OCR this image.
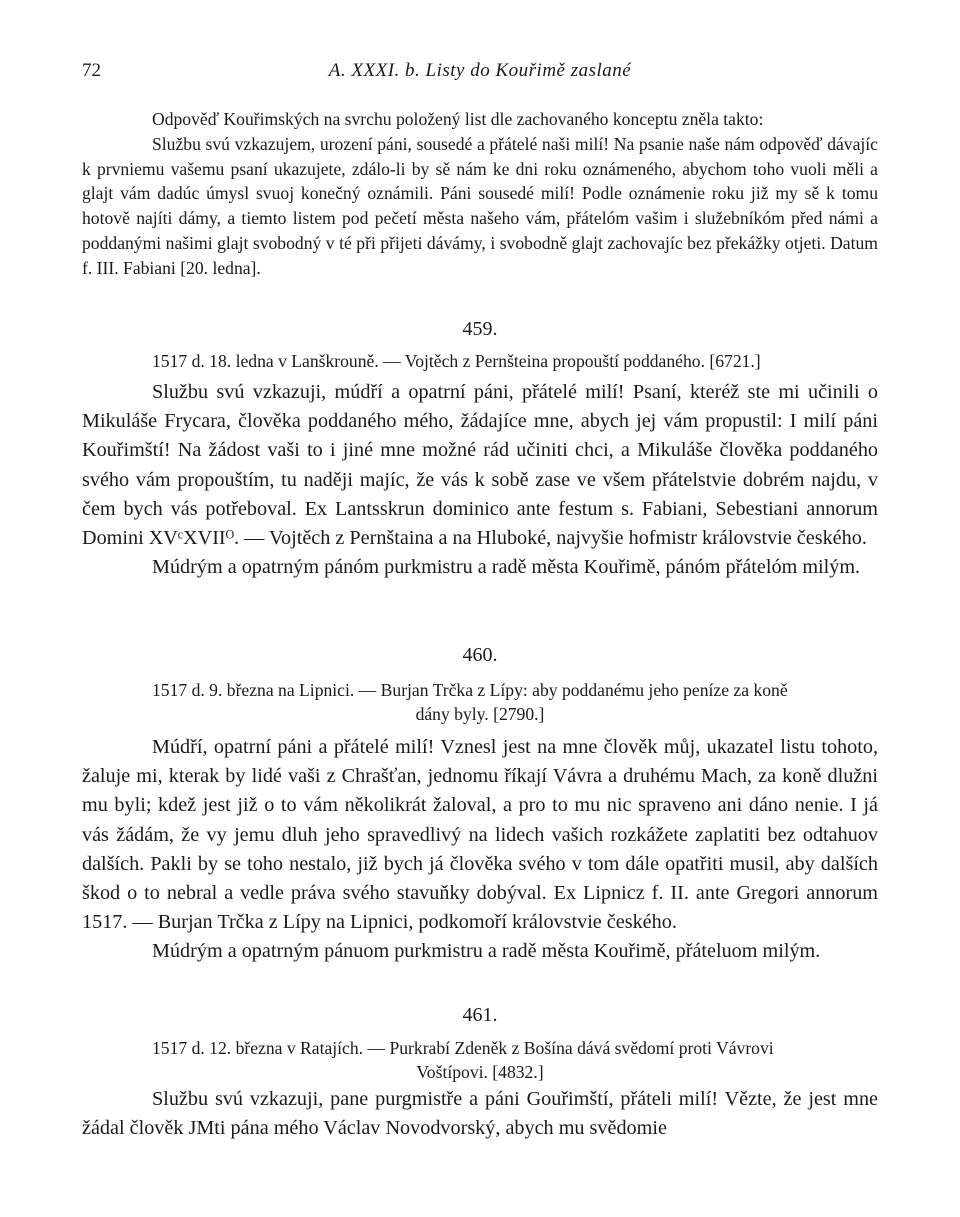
72	A. XXXI. b. Listy do Kouřimě zaslané

Odpověď Kouřimských na svrchu položený list dle zachovaného konceptu zněla takto:

Službu svú vzkazujem, urození páni, sousedé a přátelé naši milí! Na psanie naše nám odpověď dávajíc k prvniemu vašemu psaní ukazujete, zdálo-li by sě nám ke dni roku oznámeného, abychom toho vuoli měli a glajt vám dadúc úmysl svuoj konečný oznámili. Páni sousedé milí! Podle oznámenie roku již my sě k tomu hotově najíti dámy, a tiemto listem pod pečetí města našeho vám, přátelóm vašim i služebníkóm před námi a poddanými našimi glajt svobodný v té při přijeti dávámy, i svobodně glajt zachovajíc bez překážky otjeti. Datum f. III. Fabiani [20. ledna].

459.

1517 d. 18. ledna v Lanškrouně. — Vojtěch z Pernšteina propouští poddaného. [6721.]

Službu svú vzkazuji, múdří a opatrní páni, přátelé milí! Psaní, kteréž ste mi učinili o Mikuláše Frycara, člověka poddaného mého, žádajíce mne, abych jej vám propustil: I milí páni Kouřimští! Na žádost vaši to i jiné mne možné rád učiniti chci, a Mikuláše člověka poddaného svého vám propouštím, tu naději majíc, že vás k sobě zase ve všem přátelstvie dobrém najdu, v čem bych vás potřeboval. Ex Lantsskrun dominico ante festum s. Fabiani, Sebestiani annorum Domini XVᶜXVIIᴼ. — Vojtěch z Pernštaina a na Hluboké, najvyšie hofmistr královstvie českého.

Múdrým a opatrným pánóm purkmistru a radě města Kouřimě, pánóm přátelóm milým.

460.

1517 d. 9. března na Lipnici. — Burjan Trčka z Lípy: aby poddanému jeho peníze za koně

dány byly. [2790.]

Múdří, opatrní páni a přátelé milí! Vznesl jest na mne člověk můj, ukazatel listu tohoto, žaluje mi, kterak by lidé vaši z Chrašťan, jednomu říkají Vávra a druhému Mach, za koně dlužni mu byli; kdež jest již o to vám několikrát žaloval, a pro to mu nic spraveno ani dáno nenie. I já vás žádám, že vy jemu dluh jeho spravedlivý na lidech vašich rozkážete zaplatiti bez odtahuov dalších. Pakli by se toho nestalo, již bych já člověka svého v tom dále opatřiti musil, aby dalších škod o to nebral a vedle práva svého stavuňky dobýval. Ex Lipnicz f. II. ante Gregori annorum 1517. — Burjan Trčka z Lípy na Lipnici, podkomoří královstvie českého.

Múdrým a opatrným pánuom purkmistru a radě města Kouřimě, přáteluom milým.

461.

1517 d. 12. března v Ratajích. — Purkrabí Zdeněk z Bošína dává svědomí proti Vávrovi

Voštípovi. [4832.]

Službu svú vzkazuji, pane purgmistře a páni Gouřimští, přáteli milí! Vězte, že jest mne žádal člověk JMti pána mého Václav Novodvorský, abych mu svědomie
